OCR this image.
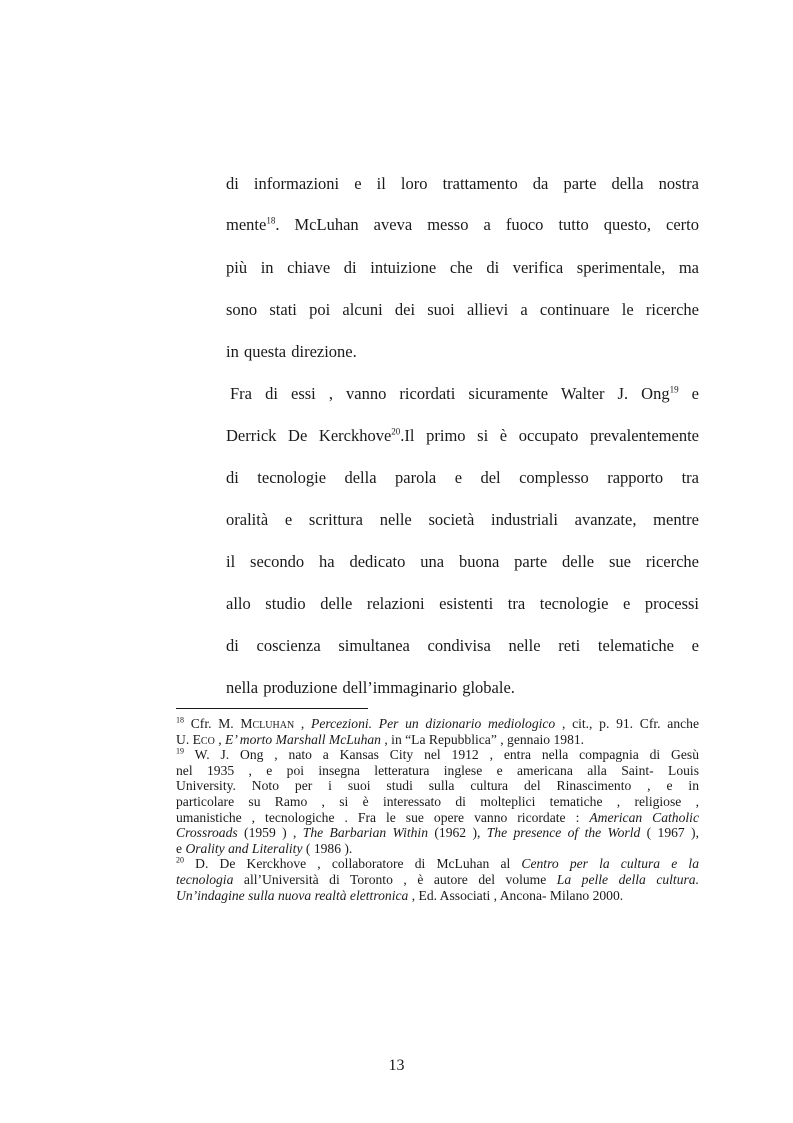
di informazioni e il loro trattamento da parte della nostra
mente$^{18}$. McLuhan aveva messo a fuoco tutto questo, certo
più in chiave di intuizione che di verifica sperimentale, ma
sono stati poi alcuni dei suoi allievi a continuare le ricerche
in questa direzione.
Fra di essi , vanno ricordati sicuramente Walter J. Ong$^{19}$ e
Derrick De Kerckhove$^{20}$.Il primo si è occupato prevalentemente
di tecnologie della parola e del complesso rapporto tra
oralità e scrittura nelle società industriali avanzate, mentre
il secondo ha dedicato una buona parte delle sue ricerche
allo studio delle relazioni esistenti tra tecnologie e processi
di coscienza simultanea condivisa nelle reti telematiche e
nella produzione dell’immaginario globale.
$^{18}$ Cfr. M. Mcluhan , Percezioni. Per un dizionario mediologico , cit., p. 91. Cfr. anche
U. Eco , E’ morto Marshall McLuhan , in “La Repubblica” , gennaio 1981.
$^{19}$ W. J. Ong , nato a Kansas City nel 1912 , entra nella compagnia di Gesù
nel 1935 , e poi insegna letteratura inglese e americana alla Saint- Louis
University. Noto per i suoi studi sulla cultura del Rinascimento , e in
particolare su Ramo , si è interessato di molteplici tematiche , religiose ,
umanistiche , tecnologiche . Fra le sue opere vanno ricordate : American Catholic
Crossroads (1959 ) , The Barbarian Within (1962 ), The presence of the World ( 1967 ),
e Orality and Literality ( 1986 ).
$^{20}$ D. De Kerckhove , collaboratore di McLuhan al Centro per la cultura e la
tecnologia all’Università di Toronto , è autore del volume La pelle della cultura.
Un’indagine sulla nuova realtà elettronica , Ed. Associati , Ancona- Milano 2000.
13
